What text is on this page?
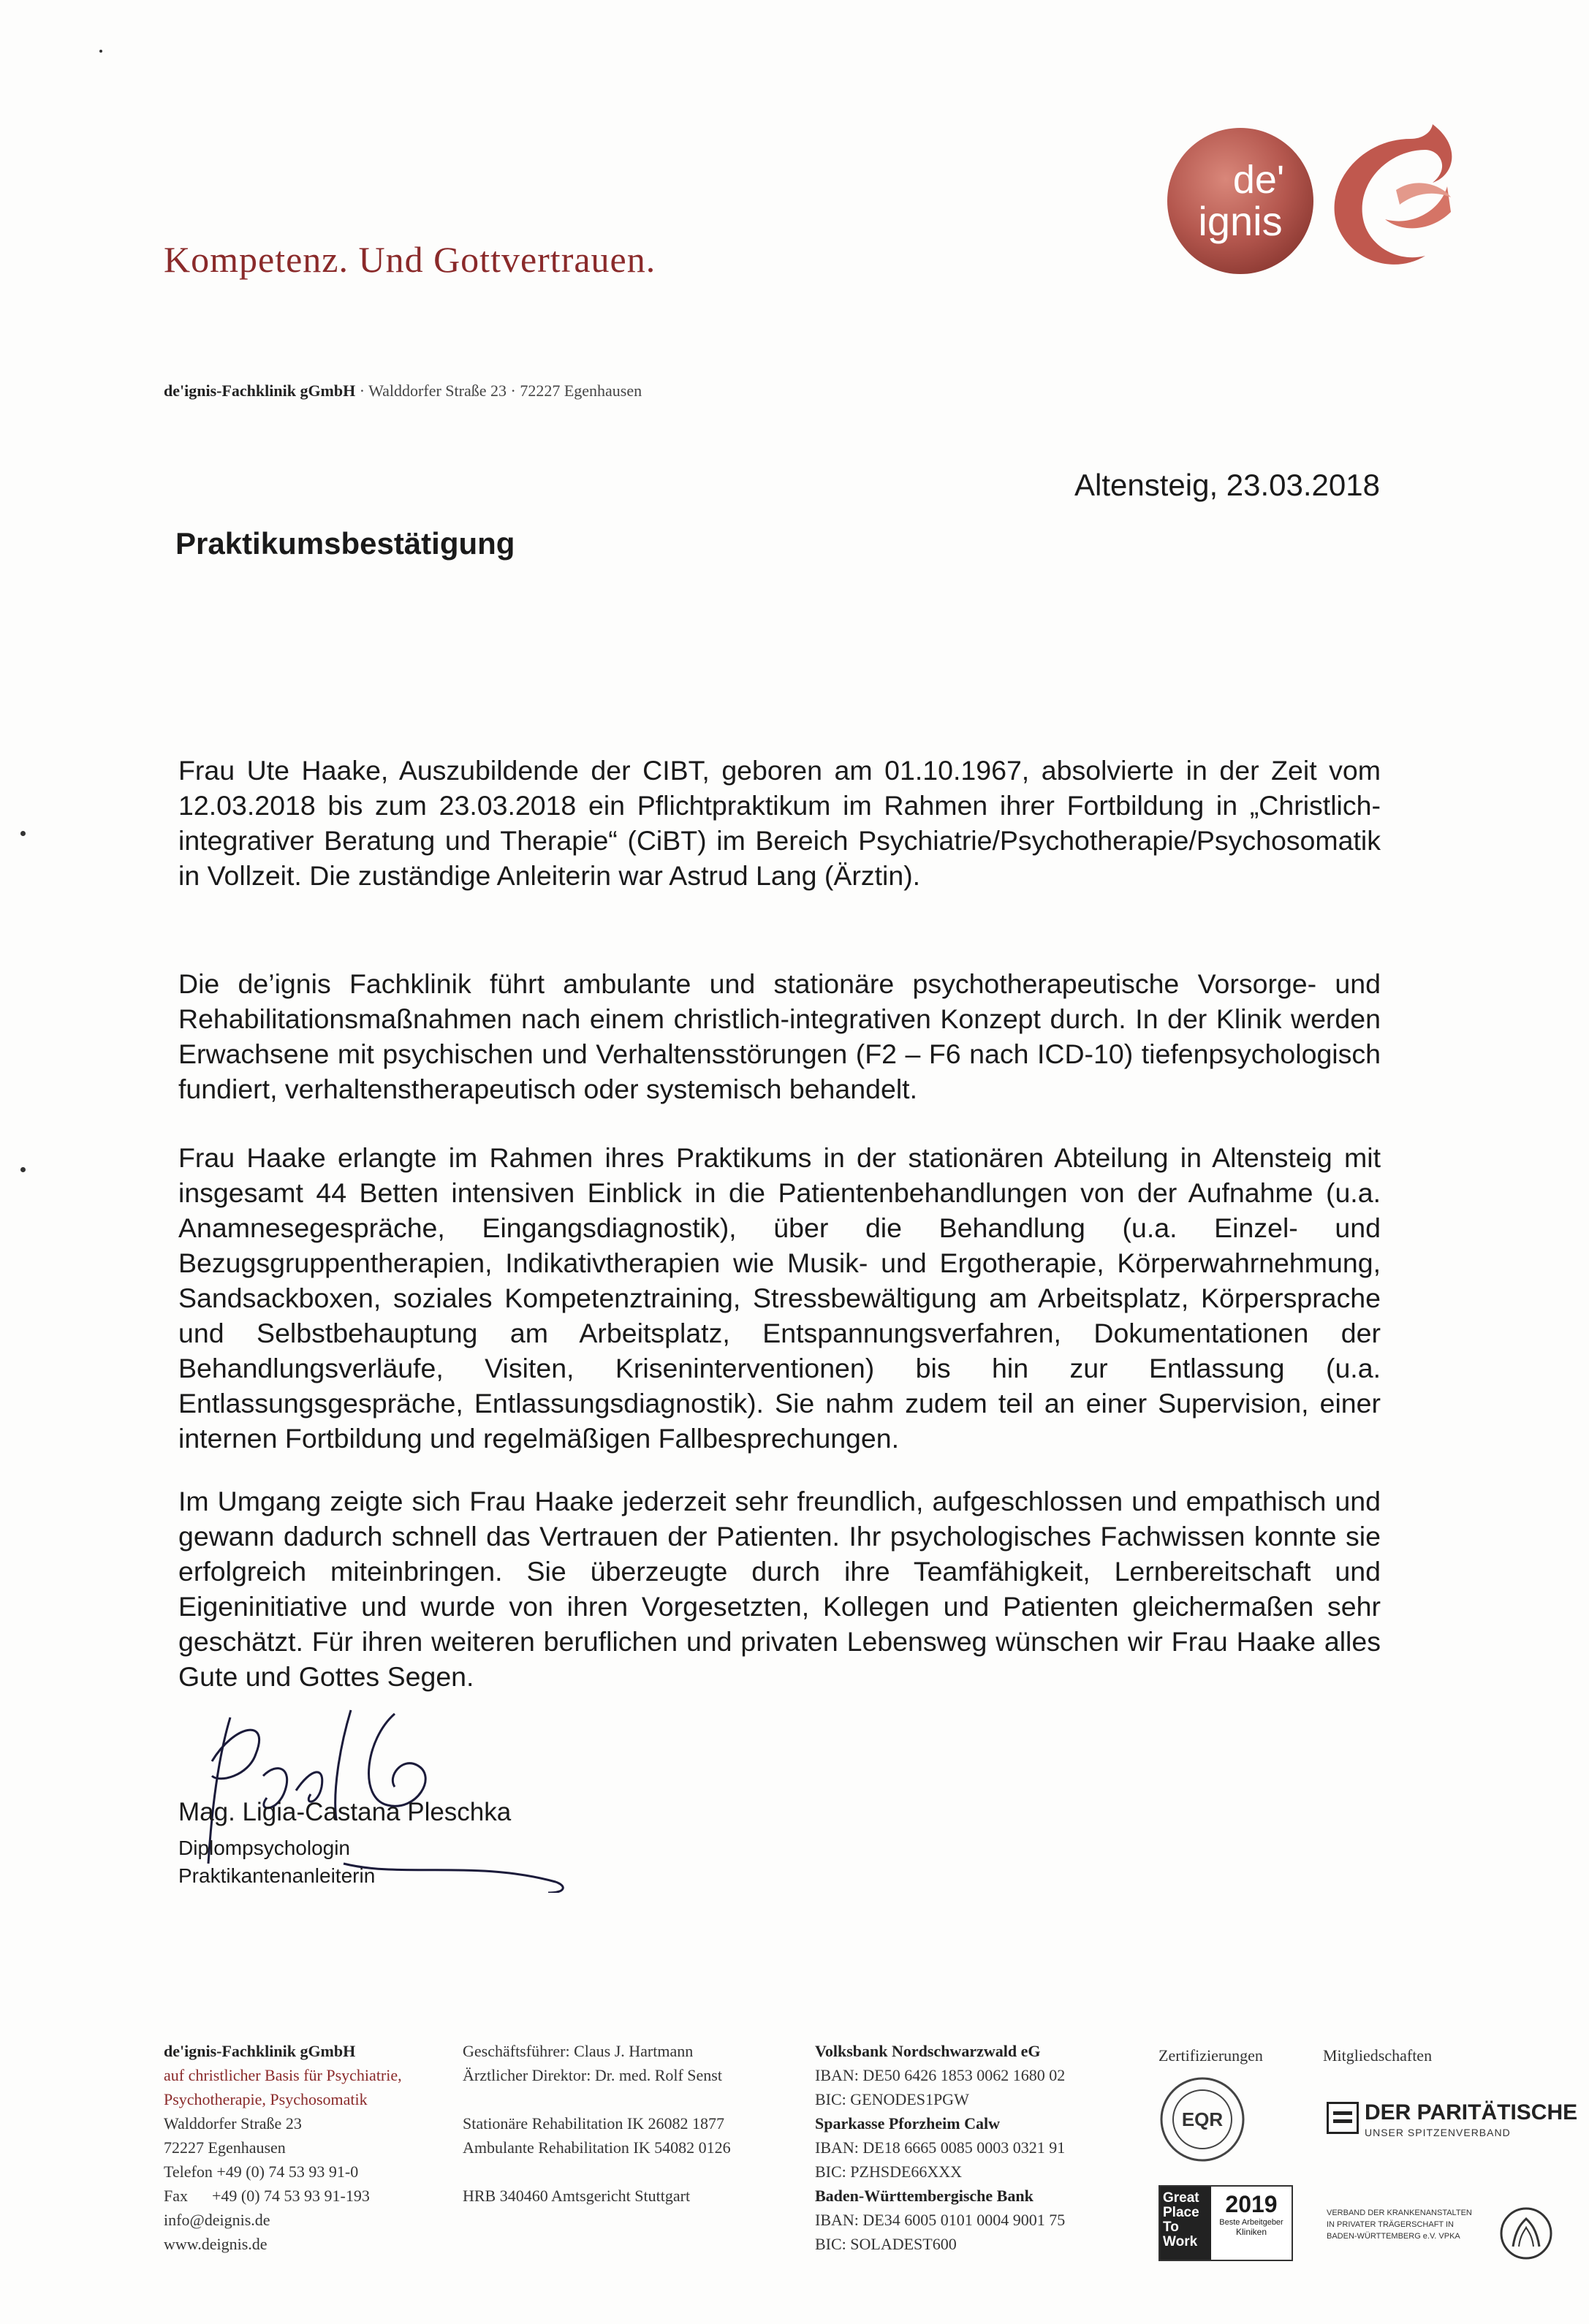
Kompetenz. Und Gottvertrauen.
de'
ignis
de'ignis-Fachklinik gGmbH · Walddorfer Straße 23 · 72227 Egenhausen
Altensteig, 23.03.2018
Praktikumsbestätigung
Frau Ute Haake, Auszubildende der CIBT, geboren am 01.10.1967, absolvierte in der Zeit vom 12.03.2018 bis zum 23.03.2018 ein Pflichtpraktikum im Rahmen ihrer Fortbildung in „Christlich-integrativer Beratung und Therapie“ (CiBT) im Bereich Psychiatrie/Psychotherapie/Psychosomatik in Vollzeit. Die zuständige Anleiterin war Astrud Lang (Ärztin).
Die de’ignis Fachklinik führt ambulante und stationäre psychotherapeutische Vorsorge- und Rehabilitationsmaßnahmen nach einem christlich-integrativen Konzept durch. In der Klinik werden Erwachsene mit psychischen und Verhaltensstörungen (F2 – F6 nach ICD-10) tiefenpsychologisch fundiert, verhaltenstherapeutisch oder systemisch behandelt.
Frau Haake erlangte im Rahmen ihres Praktikums in der stationären Abteilung in Altensteig mit insgesamt 44 Betten intensiven Einblick in die Patientenbehandlungen von der Aufnahme (u.a. Anamnesegespräche, Eingangsdiagnostik), über die Behandlung (u.a. Einzel- und Bezugsgruppentherapien, Indikativtherapien wie Musik- und Ergotherapie, Körperwahrnehmung, Sandsackboxen, soziales Kompetenztraining, Stressbewältigung am Arbeitsplatz, Körpersprache und Selbstbehauptung am Arbeitsplatz, Entspannungsverfahren, Dokumentationen der Behandlungsverläufe, Visiten, Kriseninterventionen) bis hin zur Entlassung (u.a. Entlassungsgespräche, Entlassungsdiagnostik). Sie nahm zudem teil an einer Supervision, einer internen Fortbildung und regelmäßigen Fallbesprechungen.
Im Umgang zeigte sich Frau Haake jederzeit sehr freundlich, aufgeschlossen und empathisch und gewann dadurch schnell das Vertrauen der Patienten. Ihr psychologisches Fachwissen konnte sie erfolgreich miteinbringen. Sie überzeugte durch ihre Teamfähigkeit, Lernbereitschaft und Eigeninitiative und wurde von ihren Vorgesetzten, Kollegen und Patienten gleichermaßen sehr geschätzt. Für ihren weiteren beruflichen und privaten Lebensweg wünschen wir Frau Haake alles Gute und Gottes Segen.
Mag. Ligia-Castana Pleschka
Diplompsychologin
Praktikantenanleiterin
de'ignis-Fachklinik gGmbH
auf christlicher Basis für Psychiatrie,
Psychotherapie, Psychosomatik
Walddorfer Straße 23
72227 Egenhausen
Telefon +49 (0) 74 53 93 91-0
Fax      +49 (0) 74 53 93 91-193
info@deignis.de
www.deignis.de
Geschäftsführer: Claus J. Hartmann
Ärztlicher Direktor: Dr. med. Rolf Senst
Stationäre Rehabilitation IK 26082 1877
Ambulante Rehabilitation IK 54082 0126
HRB 340460 Amtsgericht Stuttgart
Volksbank Nordschwarzwald eG
IBAN: DE50 6426 1853 0062 1680 02
BIC: GENODES1PGW
Sparkasse Pforzheim Calw
IBAN: DE18 6665 0085 0003 0321 91
BIC: PZHSDE66XXX
Baden-Württembergische Bank
IBAN: DE34 6005 0101 0004 9001 75
BIC: SOLADEST600
Zertifizierungen	Mitgliedschaften
EQR
Great Place To Work
2019
Beste Arbeitgeber
Kliniken
DER PARITÄTISCHE
UNSER SPITZENVERBAND
VERBAND DER KRANKENANSTALTEN
IN PRIVATER TRÄGERSCHAFT IN
BADEN-WÜRTTEMBERG e.V. VPKA
